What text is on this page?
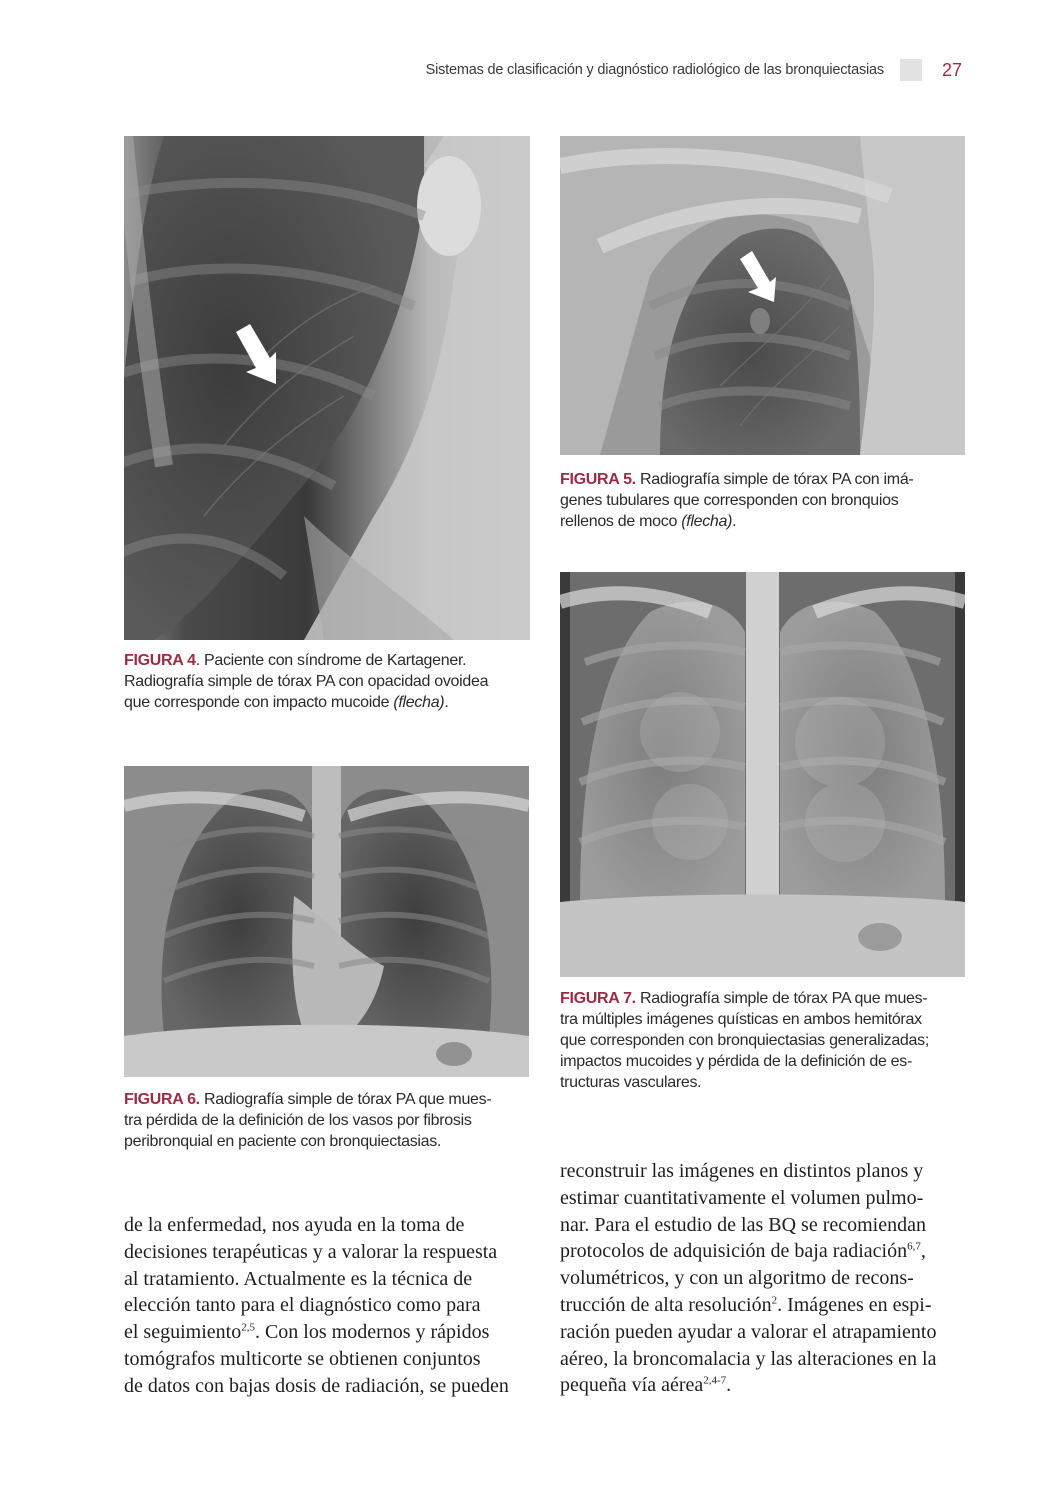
Sistemas de clasificación y diagnóstico radiológico de las bronquiectasias	27
FIGURA 4. Paciente con síndrome de Kartagener.
Radiografía simple de tórax PA con opacidad ovoidea
que corresponde con impacto mucoide (flecha).
FIGURA 5. Radiografía simple de tórax PA con imá-
genes tubulares que corresponden con bronquios
rellenos de moco (flecha).
FIGURA 7. Radiografía simple de tórax PA que mues-
tra múltiples imágenes quísticas en ambos hemitórax
que corresponden con bronquiectasias generalizadas;
impactos mucoides y pérdida de la definición de es-
tructuras vasculares.
FIGURA 6. Radiografía simple de tórax PA que mues-
tra pérdida de la definición de los vasos por fibrosis
peribronquial en paciente con bronquiectasias.
de la enfermedad, nos ayuda en la toma de
decisiones terapéuticas y a valorar la respuesta
al tratamiento. Actualmente es la técnica de
elección tanto para el diagnóstico como para
el seguimiento$^{2,5}$. Con los modernos y rápidos
tomógrafos multicorte se obtienen conjuntos
de datos con bajas dosis de radiación, se pueden
reconstruir las imágenes en distintos planos y
estimar cuantitativamente el volumen pulmo-
nar. Para el estudio de las BQ se recomiendan
protocolos de adquisición de baja radiación$^{6,7}$,
volumétricos, y con un algoritmo de recons-
trucción de alta resolución$^2$. Imágenes en espi-
ración pueden ayudar a valorar el atrapamiento
aéreo, la broncomalacia y las alteraciones en la
pequeña vía aérea$^{2,4-7}$.
